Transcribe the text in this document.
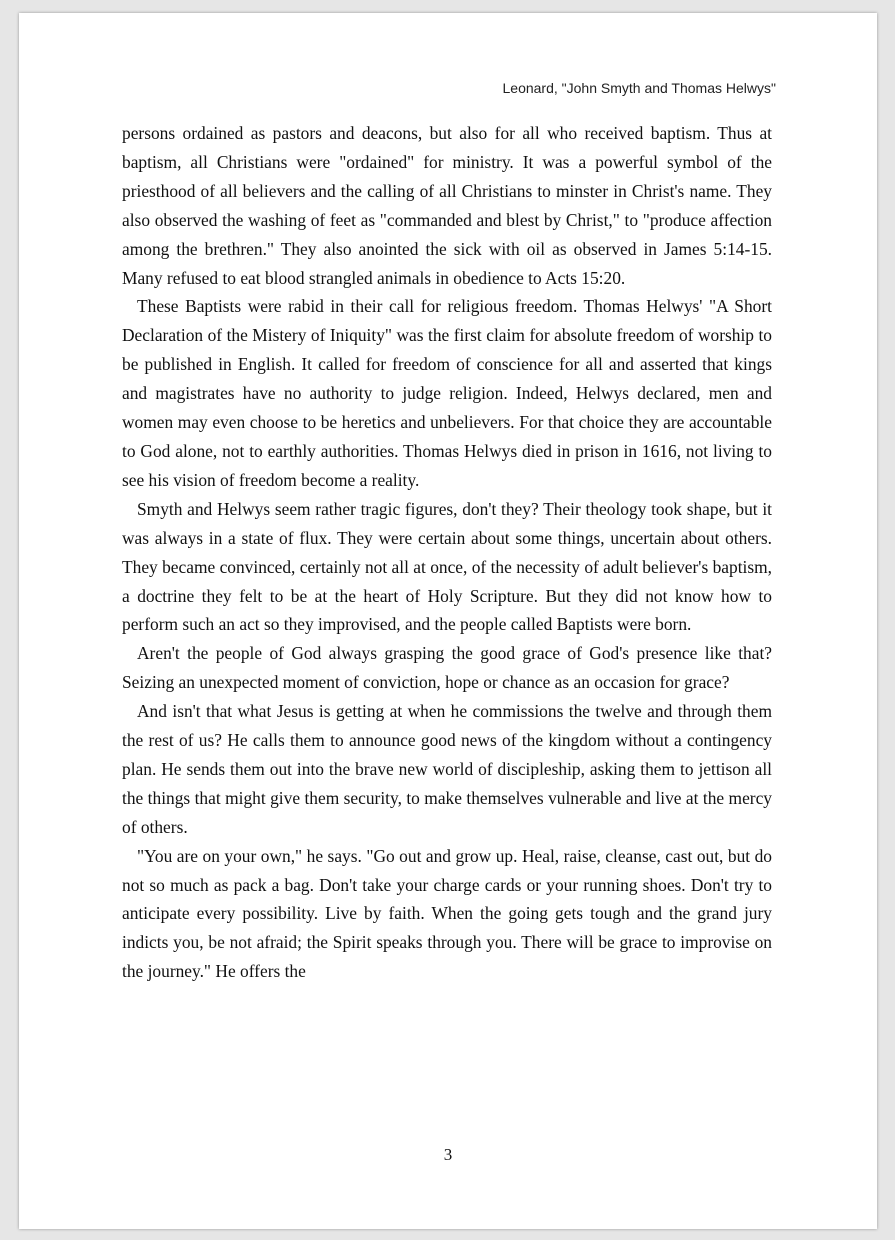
Leonard, "John Smyth and Thomas Helwys"

persons ordained as pastors and deacons, but also for all who received baptism. Thus at baptism, all Christians were "ordained" for ministry. It was a powerful symbol of the priesthood of all believers and the calling of all Christians to minster in Christ's name. They also observed the washing of feet as "commanded and blest by Christ," to "produce affection among the brethren." They also anointed the sick with oil as observed in James 5:14-15. Many refused to eat blood strangled animals in obedience to Acts 15:20.

These Baptists were rabid in their call for religious freedom. Thomas Helwys' "A Short Declaration of the Mistery of Iniquity" was the first claim for absolute freedom of worship to be published in English. It called for freedom of conscience for all and asserted that kings and magistrates have no authority to judge religion. Indeed, Helwys declared, men and women may even choose to be heretics and unbelievers. For that choice they are accountable to God alone, not to earthly authorities. Thomas Helwys died in prison in 1616, not living to see his vision of freedom become a reality.

Smyth and Helwys seem rather tragic figures, don't they? Their theology took shape, but it was always in a state of flux. They were certain about some things, uncertain about others. They became convinced, certainly not all at once, of the necessity of adult believer's baptism, a doctrine they felt to be at the heart of Holy Scripture. But they did not know how to perform such an act so they improvised, and the people called Baptists were born.

Aren't the people of God always grasping the good grace of God's presence like that? Seizing an unexpected moment of conviction, hope or chance as an occasion for grace?

And isn't that what Jesus is getting at when he commissions the twelve and through them the rest of us? He calls them to announce good news of the kingdom without a contingency plan. He sends them out into the brave new world of discipleship, asking them to jettison all the things that might give them security, to make themselves vulnerable and live at the mercy of others.

"You are on your own," he says. "Go out and grow up. Heal, raise, cleanse, cast out, but do not so much as pack a bag. Don't take your charge cards or your running shoes. Don't try to anticipate every possibility. Live by faith. When the going gets tough and the grand jury indicts you, be not afraid; the Spirit speaks through you. There will be grace to improvise on the journey." He offers the

3
